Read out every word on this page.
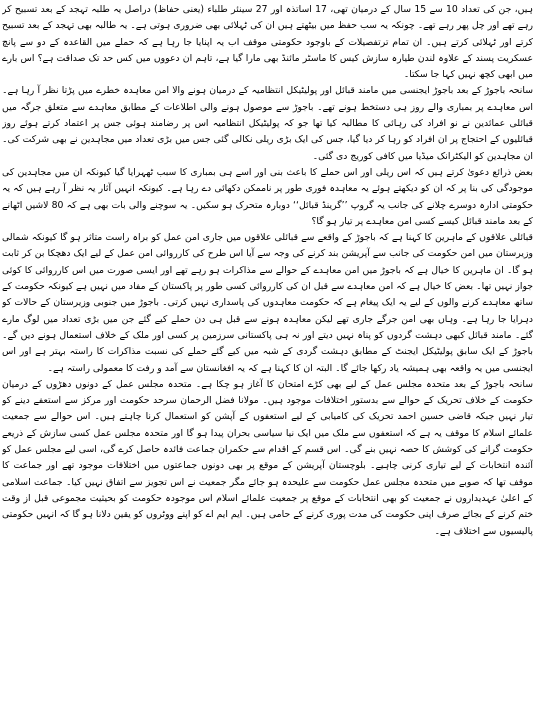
ہیں، جن کی تعداد 10 سے 15 سال کے درمیان تھی، 17 اساتذہ اور 27 سینئر طلباء (یعنی حفاظ) دراصل یہ طلبہ تہجد کے بعد تسبیح کر رہے تھے اور چل پھر رہے تھے۔ چونکہ یہ سب حفظ میں بیٹھتے ہیں ان کی ٹہلائی بھی ضروری ہوتی ہے۔ یہ طالبہ بھی تہجد کے بعد تسبیح کرتے اور ٹہلائی کرتے ہیں۔ ان تمام ترتفصیلات کے باوجود حکومتی موقف اب یہ اپنایا جا رہا ہے کہ حملے میں القاعدہ کے دو سے پانچ عسکریت پسند کے علاوہ لندن طیارہ سازش کیس کا ماسٹر مائنڈ بھی مارا گیا ہے، تاہم ان دعووں میں کس حد تک صداقت ہے؟ اس بارے میں ابھی کچھ نہیں کہا جا سکتا۔

سانحہ باجوڑ کے بعد باجوڑ ایجنسی میں مامند قبائل اور پولیٹیکل انتظامیہ کے درمیان ہونے والا امن معاہدہ خطرے میں پڑتا نظر آ رہا ہے۔ اس معاہدے پر بمباری والے روز ہی دستخط ہونے تھے۔ باجوڑ سے موصول ہونے والی اطلاعات کے مطابق معاہدے سے متعلق جرگہ میں قبائلی عمائدین نے نو افراد کی رہائی کا مطالبہ کیا تھا جو کہ پولیٹیکل انتظامیہ اس پر رضامند ہوئی جس پر اعتماد کرتے ہوئے روز قبائلیوں کے احتجاج پر ان افراد کو رہا کر دیا گیا، جس کی ایک بڑی ریلی نکالی گئی جس میں بڑی تعداد میں مجاہدین نے بھی شرکت کی۔ ان مجاہدین کو الیکٹرانک میڈیا میں کافی کوریج دی گئی۔

بعض ذرائع دعویٰ کرتے ہیں کہ اس ریلی اور اس حملے کا باعث بنی اور اسے ہی بمباری کا سبب ٹھہرایا گیا کیونکہ ان میں مجاہدین کی موجودگی کی بنا پر کہ ان کو دیکھتے ہوئے یہ معاہدہ فوری طور پر ناممکن دکھائی دے رہا ہے۔ کیونکہ انہیں آثار یہ نظر آ رہے ہیں کہ یہ حکومتی ادارہ دوسرے چلانے کی جانب یہ گروپ ’’گرینڈ قبائل‘‘ دوبارہ متحرک ہو سکیں۔ یہ سوچنے والی بات بھی ہے کہ 80 لاشیں اٹھانے کے بعد مامند قبائل کیسے کسی امن معاہدے پر تیار ہو گا؟

قبائلی علاقوں کے ماہرین کا کہنا ہے کہ باجوڑ کے واقعے سے قبائلی علاقوں میں جاری امن عمل کو براہ راست متاثر ہو گا کیونکہ شمالی وزیرستان میں امن حکومت کی جانب سے آپریشن بند کرنے کی وجہ سے آیا اس طرح کی کارروائی امن عمل کے لیے ایک دھچکا بن کر ثابت ہو گا۔ ان ماہرین کا خیال ہے کہ باجوڑ میں امن معاہدے کے حوالے سے مذاکرات ہو رہے تھے اور ایسی صورت میں اس کارروائی کا کوئی جواز نہیں تھا۔ بعض کا خیال ہے کہ امن معاہدے سے قبل ان کی کارروائی کسی طور پر پاکستان کے مفاد میں نہیں ہے کیونکہ حکومت کے ساتھ معاہدے کرنے والوں کے لیے یہ ایک پیغام ہے کہ حکومت معاہدوں کی پاسداری نہیں کرتی۔ باجوڑ میں جنوبی وزیرستان کے حالات کو دہرایا جا رہا ہے۔ وہاں بھی امن جرگے جاری تھے لیکن معاہدہ ہونے سے قبل ہی دن حملے کیے گئے جن میں بڑی تعداد میں لوگ مارے گئے۔ مامند قبائل کبھی دہشت گردوں کو پناہ نہیں دیتے اور نہ ہی پاکستانی سرزمین پر کسی اور ملک کے خلاف استعمال ہونے دیں گے۔ باجوڑ کے ایک سابق پولیٹیکل ایجنٹ کے مطابق دہشت گردی کے شبہ میں کیے گئے حملے کی نسبت مذاکرات کا راستہ بہتر ہے اور اس ایجنسی میں یہ واقعہ بھی ہمیشہ یاد رکھا جائے گا۔ البتہ ان کا کہنا ہے کہ یہ افغانستان سے آمد و رفت کا معمولی راستہ ہے۔

سانحہ باجوڑ کے بعد متحدہ مجلس عمل کے لیے بھی کڑے امتحان کا آغاز ہو چکا ہے۔ متحدہ مجلس عمل کے دونوں دھڑوں کے درمیان حکومت کے خلاف تحریک کے حوالے سے بدستور اختلافات موجود ہیں۔ مولانا فضل الرحمان سرحد حکومت اور مرکز سے استعفے دینے کو تیار نہیں جبکہ قاضی حسین احمد تحریک کی کامیابی کے لیے استعفوں کے آپشن کو استعمال کرنا چاہتے ہیں۔ اس حوالے سے جمعیت علمائے اسلام کا موقف یہ ہے کہ استعفوں سے ملک میں ایک نیا سیاسی بحران پیدا ہو گا اور متحدہ مجلس عمل کسی سازش کے ذریعے حکومت گرانے کی کوشش کا حصہ نہیں بنے گی۔ اس قسم کے اقدام سے حکمران جماعت فائدہ حاصل کرے گی، اسی لیے مجلس عمل کو آئندہ انتخابات کے لیے تیاری کرنی چاہیے۔ بلوچستان آپریشن کے موقع پر بھی دونوں جماعتوں میں اختلافات موجود تھے اور جماعت کا موقف تھا کہ صوبے میں متحدہ مجلس عمل حکومت سے علیحدہ ہو جائے مگر جمعیت نے اس تجویز سے اتفاق نہیں کیا۔ جماعت اسلامی کے اعلیٰ عہدیداروں نے جمعیت کو بھی انتخابات کے موقع پر جمعیت علمائے اسلام اس موجودہ حکومت کو بحیثیت مجموعی قبل از وقت ختم کرنے کے بجائے صرف اپنی حکومت کی مدت پوری کرنے کے حامی ہیں۔ ایم ایم اے کو اپنے ووٹروں کو یقین دلانا ہو گا کہ انہیں حکومتی پالیسیوں سے اختلاف ہے۔
